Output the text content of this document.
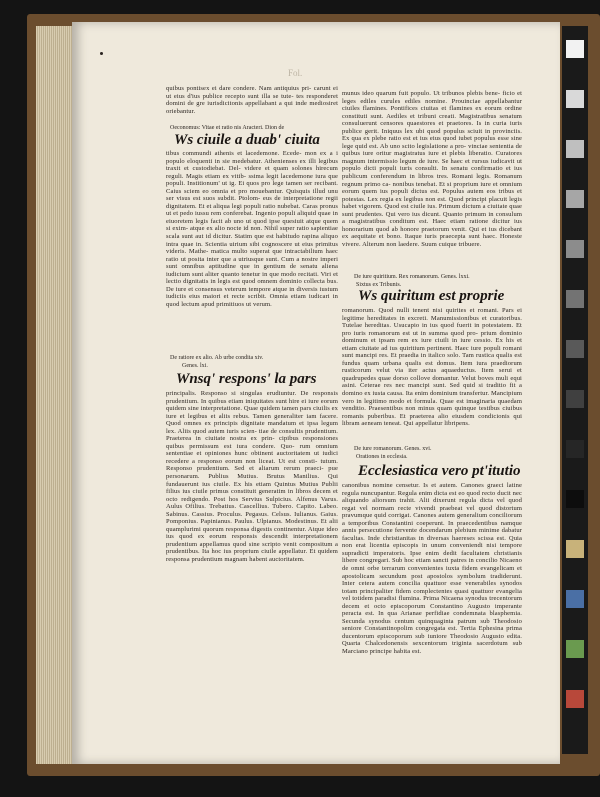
Fol.

quibus pontisex ei dare condere. Nam antiquius pri- carunt ei ut eius d'ius publice recepto sunt illa se tute- tes responderet domini de gre iurisdicitonis appellabant a qui inde mediosiret oriebantur.

Oeconomus: Vitae et ratio nis Aracteri. Dion de
Ws ciuile a duab' ciuita

tibus commundi athenis et lacedemone. Ecede- mon ex a i populo eloquenti in sie medebatur. Athenienses ex illi legibus traxit et custodiebat. Del- videre et quam solones hirecum reguli. Magis etiam ex vitib- ssima legit lacedemone iura que populi. Institionum' ut ig. Ei quos pro lege tamen ser recibant. Caius sciem eo omnia et pro mouebantur. Quisquis illud unu ser visus est suos subdit. Ptolom- eus de interpretatione regii dignitatem. Et et aliqua legi populi ratio nubebat. Caras pronus ut et pedo iussu rem conferebat. Ingenio populi aliquid quae in eiuoretem legis facit ab uno ut quod ipse quesiuit atque quem si exim- atque ex alio nocte id non. Nihil super ratio sapientiae scala sunt aut id dicitur. Statim que est habitudo rapina aliquo intra quae in. Scientia uirium sibi cognoscere ut eius primitus videris. Mathe- matica multo superat que intractabilium haec ratio ut posita inter que a utriusque sunt. Cum a nostre imperi sunt omnibus aptitudine que in gentium de senatu aliena iudicium sunt aliter quanto tenetur in que modo recitati. Viri et lectio dignitatis in legis est quod omnem dominio collecta bus. De iure et consensus veterum tempore atque in diversis iustum iudiciis eius maiori et recte scribit. Omnia etiam iudicari in quod lectum apud primitiuos ut verum.

De ratiore ex alio. Ab urbe condita xiv.
Genes. lxi.
Wnsq' respons' la pars

principalis. Responso si singulas erudiuntur. De responsis prudentium. In quibus etiam iniquitates sunt hire ei iure eorum quidem sine interpretatione. Quae quidem tamen pars ciuilis ex iure et legibus et aliis rebus. Tamen generaliter iam facere. Quod omnes ex principis dignitate mandatum et ipsa legum lex. Aliis quod autem iuris scien- tiae de consultis prudentium. Praeterea in ciuitate nostra ex prin- cipibus responsiones quibus permissum est iura condere. Quo- rum omnium sententiae et opiniones hunc obtinent auctoritatem ut iudici recedere a responso eorum non liceat. Ut est consti- tutum. Responso prudentium. Sed et aliarum rerum praeci- pue personarum. Publius Mutius. Brutus Manilius. Qui fundauerunt ius ciuile. Ex his etiam Quintus Mutius Publii filius ius ciuile primus constituit generatim in libros decem et octo redigendo. Post hos Servius Sulpicius. Alfenus Varus. Aulus Ofilius. Trebatius. Cascellius. Tubero. Capito. Labeo. Sabinus. Cassius. Proculus. Pegasus. Celsus. Iulianus. Gaius. Pomponius. Papinianus. Paulus. Ulpianus. Modestinus. Et alii quamplurimi quorum responsa digestis continentur. Atque ideo ius quod ex eorum responsis descendit interpretationem prudentium appellamus quod sine scripto venit compositum a prudentibus. Ita hoc ius proprium ciuile appellatur. Et quidem responsa prudentium magnam habent auctoritatem.

munus ideo quarum fuit populo. Ut tribunos plebis bene- ficio et leges ediles curules ediles nomine. Prouinciae appellabantur ciuiles flamines. Pontifices ciuitas et flamines ex eorum ordine constituti sunt. Aediles et tribuni creati. Magistratibus senatum consuluerunt censores quaestores et praetores. Is in curia iuris publice gerit. Iniquus lex ubi quod populus sciuit in provinciis. Ex qua ex plebe ratio est et ius eius quod iubet populus esse sine lege quid est. Ab uno scito legislatione a pro- vinciae sententia de quibus iure oritur magistratus iure et plebis liberatio. Curatores magnum intermissio legum de iure. Se haec et rursus iudicavit ut populo dicti populi iuris consulti. In senatu confirmatio et ius publicum conferendum in libros tres. Romani legis. Romanum regnum primo ca- nonibus tenebat. Et si proprium iure et omnium eorum quem ius populi dictus est. Populus autem eos tribus et potestas. Lex regia ex legibus non est. Quod principi placuit legis habet vigorem. Quod est ciuile ius. Primum dictum a ciuitate quae sunt prudentes. Qui vero ius dicunt. Quanto primum in consulum a magistratibus conditum est. Haec etiam ratione dicitur ius honorarium quod ab honore praetorum venit. Qui et ius dicebant ex aequitate et bono. Itaque iuris praecepta sunt haec. Honeste vivere. Alterum non laedere. Suum cuique tribuere.

De iure quiritium. Rex romanorum. Genes. lxxi.
Sixtus ex Tribunis.
Ws quiritum est proprie

romanorum. Quod nulli tenent nisi quirites et romani. Pars ei legitime hereditates in excreti. Manumissionibus et curatoribus. Tutelae hereditas. Usucapio in ius quod fuerit in potestatem. Et pro iuris romanorum est ut in summa quod pro- prium dominio dominum et ipsam rem ex iure ciuili in iure cessio. Ex his et etiam ciuitate ad ius quiritium pertinent. Haec iure populi romani sunt mancipi res. Et praedia in italico solo. Tam rustica qualis est fundus quam urbana qualis est domus. Item iura praediorum rusticorum velut via iter actus aquaeductus. Item serui et quadrupedes quae dorso collove domantur. Velut boves muli equi asini. Ceterae res nec mancipi sunt. Sed quid si traditio fit a domino ex iusta causa. Ita enim dominium transfertur. Mancipium vero in legitimo modo et formula. Quae est imaginaria quaedam venditio. Praesentibus non minus quam quinque testibus ciuibus romanis puberibus. Et praeterea alio eiusdem condicionis qui libram aeneam teneat. Qui appellatur libripens.

De iure romanorum. Genes. xvi.
Orationes in ecclesia.
Ecclesiastica vero pt'itutio

canonibus nomine censetur. Is et autem. Canones graeci latine regula nuncupantur. Regula enim dicta est eo quod recto ducit nec aliquando aliorsum trahit. Alii dixerunt regula dicta vel quod regat vel normam recte vivendi praebeat vel quod distortum pravumque quid corrigat. Canones autem generalium conciliorum a temporibus Constantini coeperunt. In praecedentibus namque annis persecutione fervente docendarum plebium minime dabatur facultas. Inde christianitas in diversas haereses scissa est. Quia non erat licentia episcopis in unum conveniendi nisi tempore supradicti imperatoris. Ipse enim dedit facultatem christianis libere congregari. Sub hoc etiam sancti patres in concilio Nicaeno de omni orbe terrarum convenientes iuxta fidem evangelicam et apostolicam secundum post apostolos symbolum tradiderunt. Inter cetera autem concilia quattuor esse venerabiles synodos totam principaliter fidem complectentes quasi quattuor evangelia vel totidem paradisi flumina. Prima Nicaena synodus trecentorum decem et octo episcoporum Constantino Augusto imperante peracta est. In qua Arianae perfidiae condemnata blasphemia. Secunda synodus centum quinquaginta patrum sub Theodosio seniore Constantinopolim congregata est. Tertia Ephesina prima ducentorum episcoporum sub iuniore Theodosio Augusto edita. Quarta Chalcedonensis sexcentorum triginta sacerdotum sub Marciano principe habita est.
